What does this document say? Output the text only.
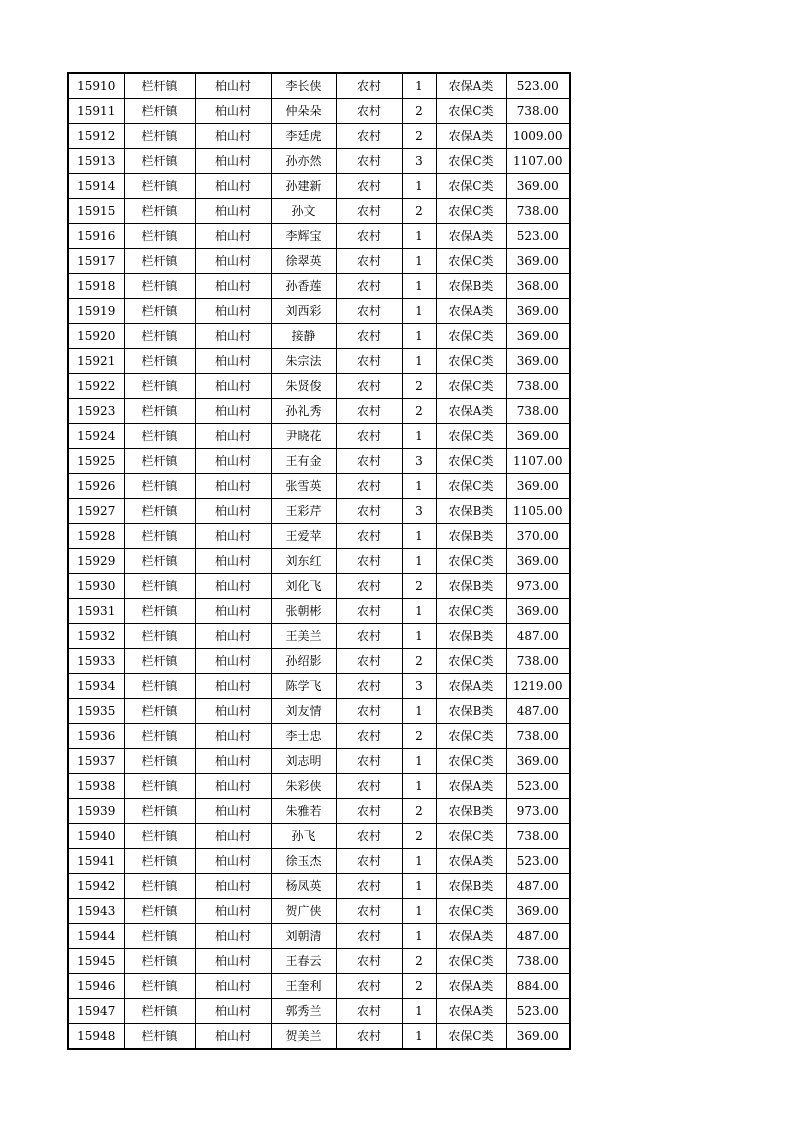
15910	栏杆镇	柏山村	李长侠	农村	1	农保A类	523.00
15911	栏杆镇	柏山村	仲朵朵	农村	2	农保C类	738.00
15912	栏杆镇	柏山村	李廷虎	农村	2	农保A类	1009.00
15913	栏杆镇	柏山村	孙亦然	农村	3	农保C类	1107.00
15914	栏杆镇	柏山村	孙建新	农村	1	农保C类	369.00
15915	栏杆镇	柏山村	孙文	农村	2	农保C类	738.00
15916	栏杆镇	柏山村	李辉宝	农村	1	农保A类	523.00
15917	栏杆镇	柏山村	徐翠英	农村	1	农保C类	369.00
15918	栏杆镇	柏山村	孙香莲	农村	1	农保B类	368.00
15919	栏杆镇	柏山村	刘西彩	农村	1	农保A类	369.00
15920	栏杆镇	柏山村	接静	农村	1	农保C类	369.00
15921	栏杆镇	柏山村	朱宗法	农村	1	农保C类	369.00
15922	栏杆镇	柏山村	朱贤俊	农村	2	农保C类	738.00
15923	栏杆镇	柏山村	孙礼秀	农村	2	农保A类	738.00
15924	栏杆镇	柏山村	尹晓花	农村	1	农保C类	369.00
15925	栏杆镇	柏山村	王有金	农村	3	农保C类	1107.00
15926	栏杆镇	柏山村	张雪英	农村	1	农保C类	369.00
15927	栏杆镇	柏山村	王彩芹	农村	3	农保B类	1105.00
15928	栏杆镇	柏山村	王爱苹	农村	1	农保B类	370.00
15929	栏杆镇	柏山村	刘东红	农村	1	农保C类	369.00
15930	栏杆镇	柏山村	刘化飞	农村	2	农保B类	973.00
15931	栏杆镇	柏山村	张朝彬	农村	1	农保C类	369.00
15932	栏杆镇	柏山村	王美兰	农村	1	农保B类	487.00
15933	栏杆镇	柏山村	孙绍影	农村	2	农保C类	738.00
15934	栏杆镇	柏山村	陈学飞	农村	3	农保A类	1219.00
15935	栏杆镇	柏山村	刘友情	农村	1	农保B类	487.00
15936	栏杆镇	柏山村	李士忠	农村	2	农保C类	738.00
15937	栏杆镇	柏山村	刘志明	农村	1	农保C类	369.00
15938	栏杆镇	柏山村	朱彩侠	农村	1	农保A类	523.00
15939	栏杆镇	柏山村	朱雅若	农村	2	农保B类	973.00
15940	栏杆镇	柏山村	孙飞	农村	2	农保C类	738.00
15941	栏杆镇	柏山村	徐玉杰	农村	1	农保A类	523.00
15942	栏杆镇	柏山村	杨凤英	农村	1	农保B类	487.00
15943	栏杆镇	柏山村	贺广侠	农村	1	农保C类	369.00
15944	栏杆镇	柏山村	刘朝清	农村	1	农保A类	487.00
15945	栏杆镇	柏山村	王春云	农村	2	农保C类	738.00
15946	栏杆镇	柏山村	王奎利	农村	2	农保A类	884.00
15947	栏杆镇	柏山村	郭秀兰	农村	1	农保A类	523.00
15948	栏杆镇	柏山村	贺美兰	农村	1	农保C类	369.00
